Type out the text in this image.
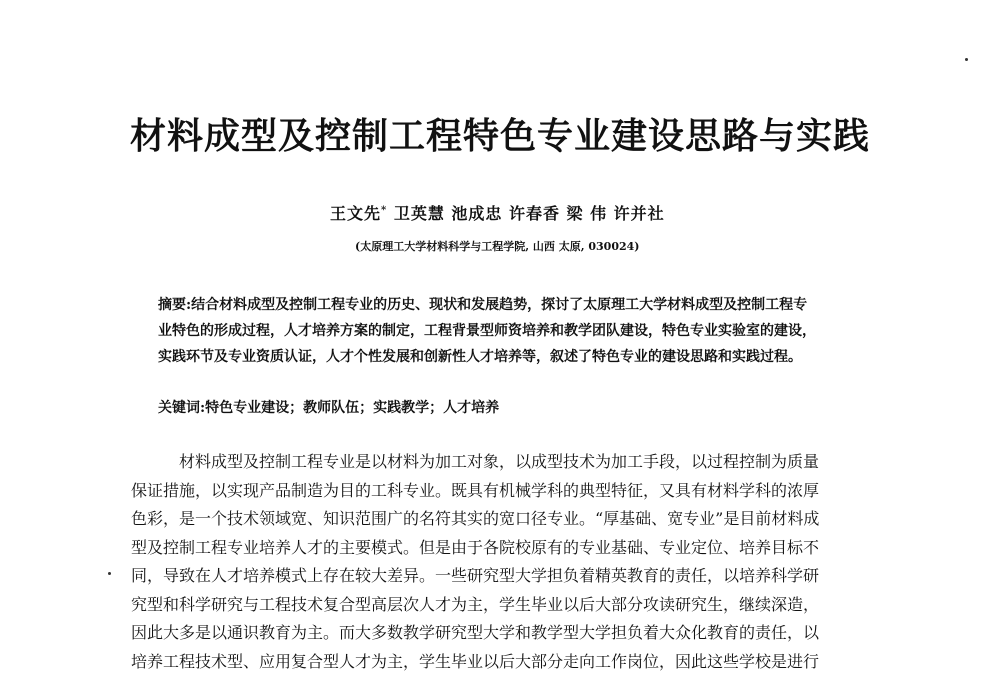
材料成型及控制工程特色专业建设思路与实践
王文先* 卫英慧 池成忠 许春香 梁 伟 许并社
(太原理工大学材料科学与工程学院, 山西 太原, 030024)
摘要:结合材料成型及控制工程专业的历史、现状和发展趋势，探讨了太原理工大学材料成型及控制工程专
业特色的形成过程，人才培养方案的制定，工程背景型师资培养和教学团队建设，特色专业实验室的建设，
实践环节及专业资质认证，人才个性发展和创新性人才培养等，叙述了特色专业的建设思路和实践过程。
关键词:特色专业建设；教师队伍；实践教学；人才培养
材料成型及控制工程专业是以材料为加工对象，以成型技术为加工手段，以过程控制为质量
保证措施，以实现产品制造为目的工科专业。既具有机械学科的典型特征，又具有材料学科的浓厚
色彩，是一个技术领域宽、知识范围广的名符其实的宽口径专业。“厚基础、宽专业”是目前材料成
型及控制工程专业培养人才的主要模式。但是由于各院校原有的专业基础、专业定位、培养目标不
同，导致在人才培养模式上存在较大差异。一些研究型大学担负着精英教育的责任，以培养科学研
究型和科学研究与工程技术复合型高层次人才为主，学生毕业以后大部分攻读研究生，继续深造，
因此大多是以通识教育为主。而大多数教学研究型大学和教学型大学担负着大众化教育的责任，以
培养工程技术型、应用复合型人才为主，学生毕业以后大部分走向工作岗位，因此这些学校是进行
